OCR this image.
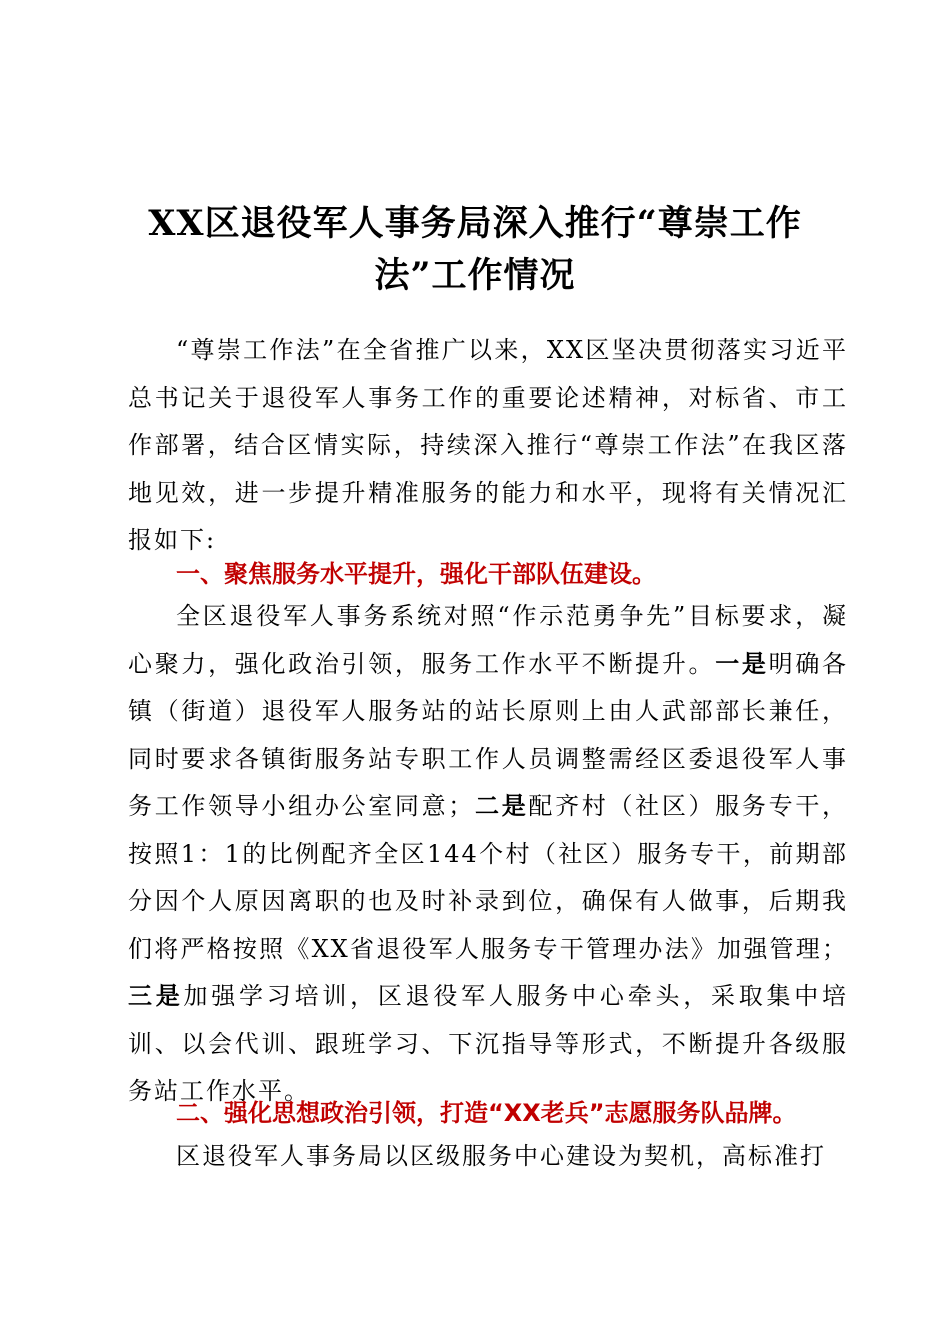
XX区退役军人事务局深入推行“尊崇工作
法”工作情况
“尊崇工作法”在全省推广以来，XX区坚决贯彻落实习近平总书记关于退役军人事务工作的重要论述精神，对标省、市工作部署，结合区情实际，持续深入推行“尊崇工作法”在我区落地见效，进一步提升精准服务的能力和水平，现将有关情况汇报如下:
一、聚焦服务水平提升，强化干部队伍建设。
全区退役军人事务系统对照“作示范勇争先”目标要求，凝心聚力，强化政治引领，服务工作水平不断提升。一是明确各镇（街道）退役军人服务站的站长原则上由人武部部长兼任，同时要求各镇街服务站专职工作人员调整需经区委退役军人事务工作领导小组办公室同意；二是配齐村（社区）服务专干，按照1：1的比例配齐全区144个村（社区）服务专干，前期部分因个人原因离职的也及时补录到位，确保有人做事，后期我们将严格按照《XX省退役军人服务专干管理办法》加强管理；三是加强学习培训，区退役军人服务中心牵头，采取集中培训、以会代训、跟班学习、下沉指导等形式，不断提升各级服务站工作水平。
二、强化思想政治引领，打造“XX老兵”志愿服务队品牌。
区退役军人事务局以区级服务中心建设为契机，高标准打
